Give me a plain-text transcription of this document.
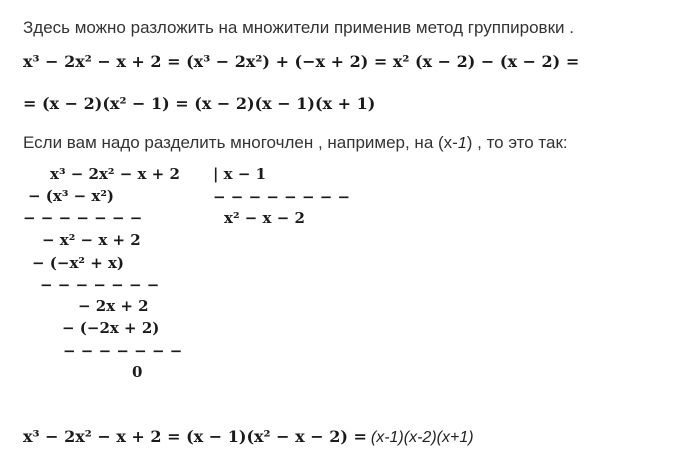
Здесь можно разложить на множители применив метод группировки .
x³ − 2x² − x + 2 = (x³ − 2x²) + (−x + 2) = x² (x − 2) − (x − 2) =
= (x − 2)(x² − 1) = (x − 2)(x − 1)(x + 1)
Если вам надо разделить многочлен , например, на (x-1) , то это так:
x³ − 2x² − x + 2 | x − 1
− − − − − − − −
x² − x − 2
− (x³ − x²)
− − − − − − −
− x² − x + 2
− (−x² + x)
− − − − − − −
− 2x + 2
− (−2x + 2)
− − − − − − −
0
x³ − 2x² − x + 2 = (x − 1)(x² − x − 2) = (x-1)(x-2)(x+1)
